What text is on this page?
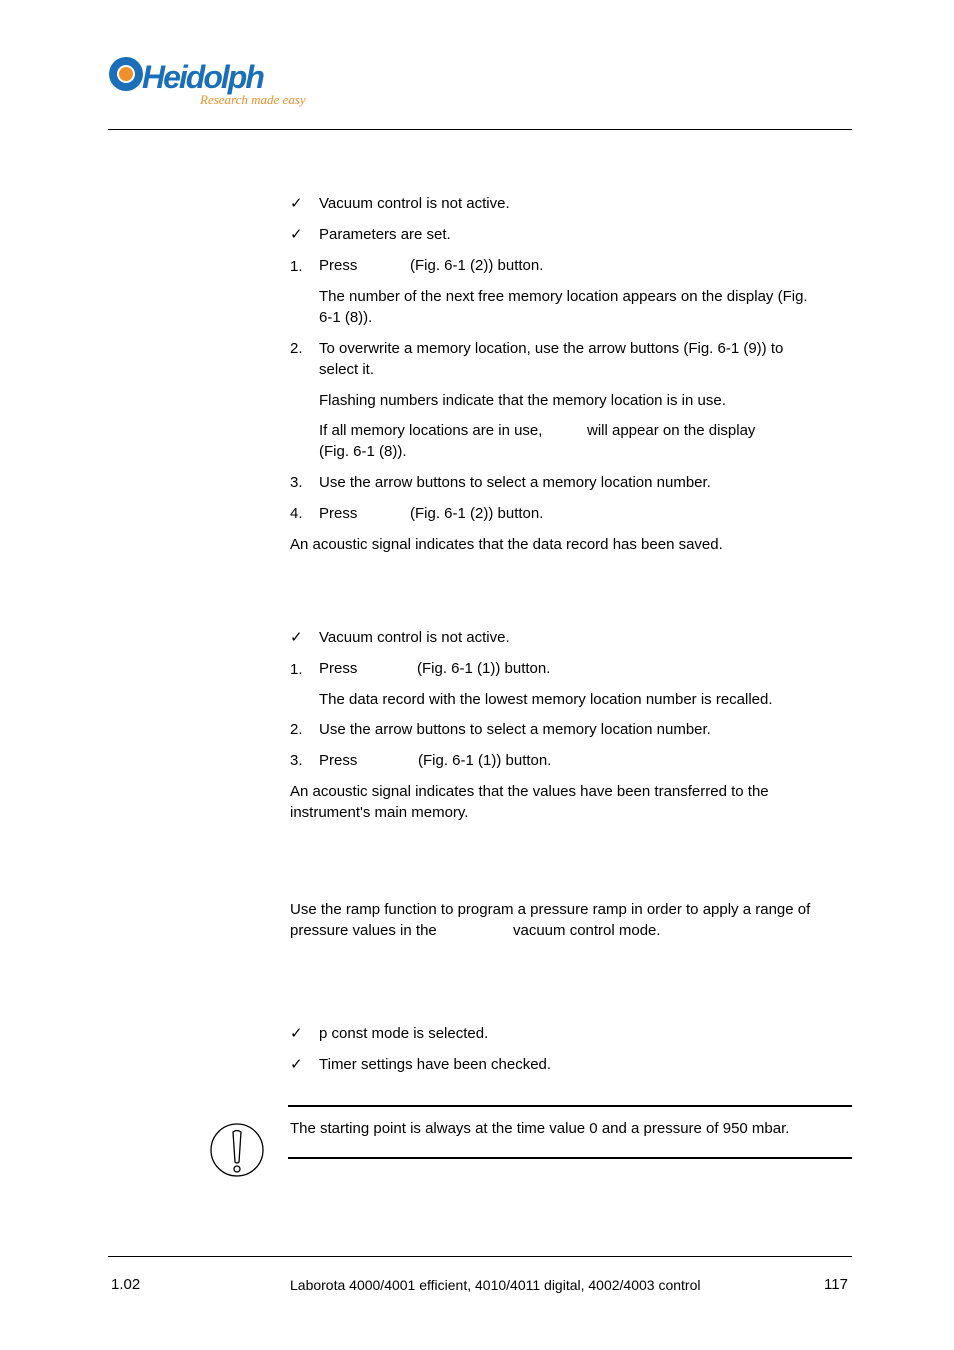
Heidolph
Research made easy
✓ Vacuum control is not active.
✓ Parameters are set.
1. Press	(Fig. 6-1 (2)) button.
The number of the next free memory location appears on the display (Fig.
6-1 (8)).
2. To overwrite a memory location, use the arrow buttons (Fig. 6-1 (9)) to
select it.
Flashing numbers indicate that the memory location is in use.
If all memory locations are in use,	will appear on the display
(Fig. 6-1 (8)).
3. Use the arrow buttons to select a memory location number.
4. Press	(Fig. 6-1 (2)) button.
An acoustic signal indicates that the data record has been saved.
✓ Vacuum control is not active.
1. Press	(Fig. 6-1 (1)) button.
The data record with the lowest memory location number is recalled.
2. Use the arrow buttons to select a memory location number.
3. Press	(Fig. 6-1 (1)) button.
An acoustic signal indicates that the values have been transferred to the
instrument's main memory.
Use the ramp function to program a pressure ramp in order to apply a range of
pressure values in the	vacuum control mode.
✓ p const mode is selected.
✓ Timer settings have been checked.
The starting point is always at the time value 0 and a pressure of 950 mbar.
1.02	Laborota 4000/4001 efficient, 4010/4011 digital, 4002/4003 control	117
